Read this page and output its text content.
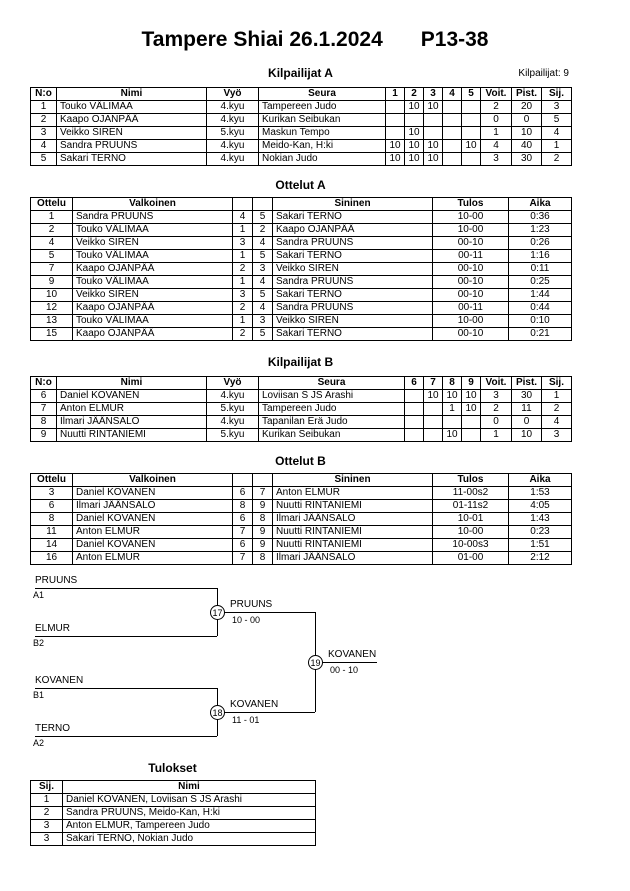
Tampere Shiai 26.1.2024 P13-38
Kilpailijat A	Kilpailijat: 9
N:o	Nimi	Vyö	Seura	1	2	3	4	5	Voit.	Pist.	Sij.
1	Touko VÄLIMAA	4.kyu	Tampereen Judo		10	10			2	20	3
2	Kaapo OJANPÄÄ	4.kyu	Kurikan Seibukan						0	0	5
3	Veikko SIREN	5.kyu	Maskun Tempo		10				1	10	4
4	Sandra PRUUNS	4.kyu	Meido-Kan, H:ki	10	10	10		10	4	40	1
5	Sakari TERNO	4.kyu	Nokian Judo	10	10	10			3	30	2
Ottelut A
Ottelu	Valkoinen			Sininen	Tulos	Aika
1	Sandra PRUUNS	4	5	Sakari TERNO	10-00	0:36
2	Touko VÄLIMAA	1	2	Kaapo OJANPÄÄ	10-00	1:23
4	Veikko SIREN	3	4	Sandra PRUUNS	00-10	0:26
5	Touko VÄLIMAA	1	5	Sakari TERNO	00-11	1:16
7	Kaapo OJANPÄÄ	2	3	Veikko SIREN	00-10	0:11
9	Touko VÄLIMAA	1	4	Sandra PRUUNS	00-10	0:25
10	Veikko SIREN	3	5	Sakari TERNO	00-10	1:44
12	Kaapo OJANPÄÄ	2	4	Sandra PRUUNS	00-11	0:44
13	Touko VÄLIMAA	1	3	Veikko SIREN	10-00	0:10
15	Kaapo OJANPÄÄ	2	5	Sakari TERNO	00-10	0:21
Kilpailijat B
N:o	Nimi	Vyö	Seura	6	7	8	9	Voit.	Pist.	Sij.
6	Daniel KOVANEN	4.kyu	Loviisan S JS Arashi		10	10	10	3	30	1
7	Anton ELMUR	5.kyu	Tampereen Judo			1	10	2	11	2
8	Ilmari JÄÄNSALO	4.kyu	Tapanilan Erä Judo					0	0	4
9	Nuutti RINTANIEMI	5.kyu	Kurikan Seibukan			10		1	10	3
Ottelut B
Ottelu	Valkoinen			Sininen	Tulos	Aika
3	Daniel KOVANEN	6	7	Anton ELMUR	11-00s2	1:53
6	Ilmari JÄÄNSALO	8	9	Nuutti RINTANIEMI	01-11s2	4:05
8	Daniel KOVANEN	6	8	Ilmari JÄÄNSALO	10-01	1:43
11	Anton ELMUR	7	9	Nuutti RINTANIEMI	10-00	0:23
14	Daniel KOVANEN	6	9	Nuutti RINTANIEMI	10-00s3	1:51
16	Anton ELMUR	7	8	Ilmari JÄÄNSALO	01-00	2:12
PRUUNS
A1
ELMUR
B2
PRUUNS
10 - 00
17
KOVANEN
B1
TERNO
A2
KOVANEN
11 - 01
18
KOVANEN
00 - 10
19
Tulokset
Sij.	Nimi
1	Daniel KOVANEN, Loviisan S JS Arashi
2	Sandra PRUUNS, Meido-Kan, H:ki
3	Anton ELMUR, Tampereen Judo
3	Sakari TERNO, Nokian Judo
